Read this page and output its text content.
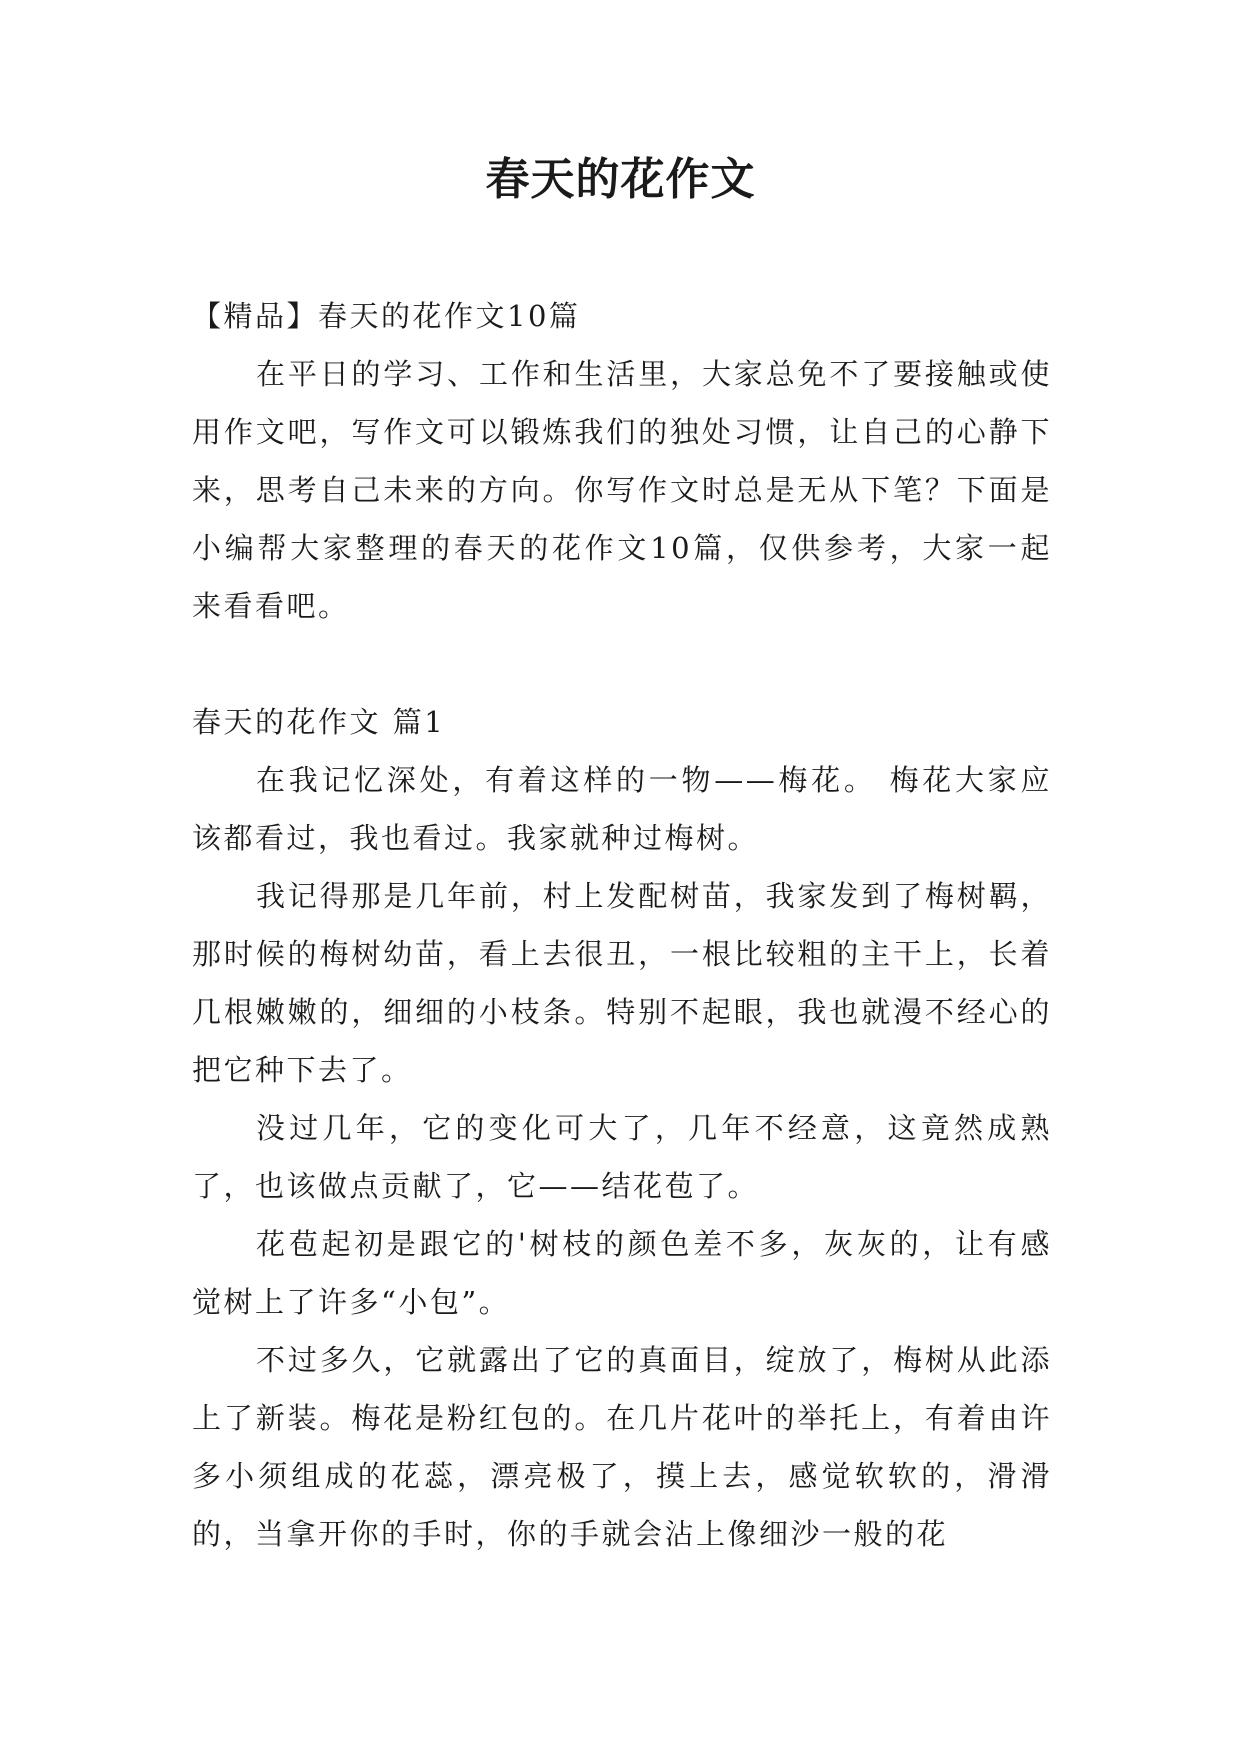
春天的花作文

【精品】春天的花作文10篇

在平日的学习、工作和生活里，大家总免不了要接触或使用作文吧，写作文可以锻炼我们的独处习惯，让自己的心静下来，思考自己未来的方向。你写作文时总是无从下笔？下面是小编帮大家整理的春天的花作文10篇，仅供参考，大家一起来看看吧。

春天的花作文 篇1

在我记忆深处，有着这样的一物——梅花。 梅花大家应该都看过，我也看过。我家就种过梅树。

我记得那是几年前，村上发配树苗，我家发到了梅树羁，那时候的梅树幼苗，看上去很丑，一根比较粗的主干上，长着几根嫩嫩的，细细的小枝条。特别不起眼，我也就漫不经心的把它种下去了。

没过几年，它的变化可大了，几年不经意，这竟然成熟了，也该做点贡献了，它——结花苞了。

花苞起初是跟它的'树枝的颜色差不多，灰灰的，让有感觉树上了许多“小包”。

不过多久，它就露出了它的真面目，绽放了，梅树从此添上了新装。梅花是粉红包的。在几片花叶的举托上，有着由许多小须组成的花蕊，漂亮极了，摸上去，感觉软软的，滑滑的，当拿开你的手时，你的手就会沾上像细沙一般的花
